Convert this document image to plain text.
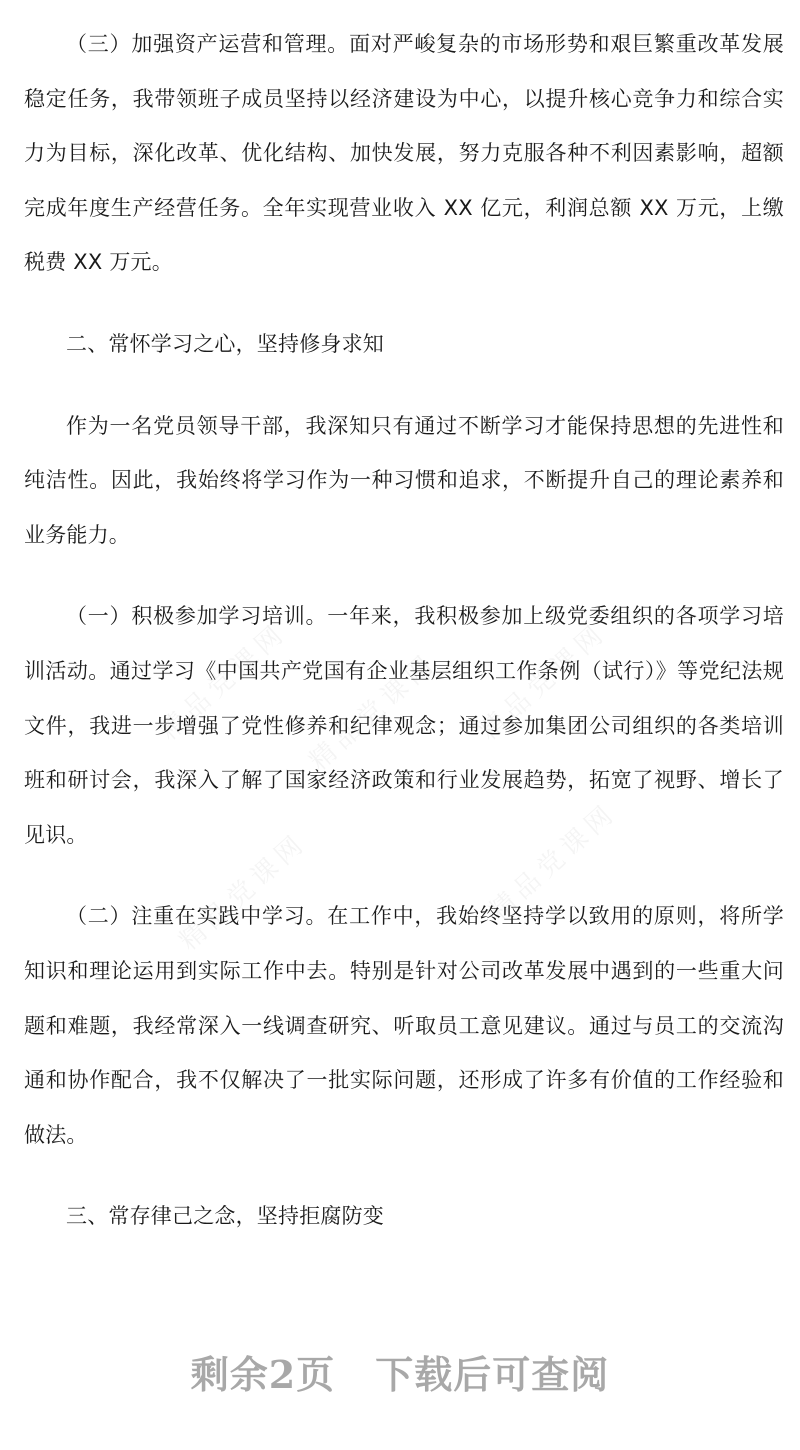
精品党课网	精品党课网
精品党课网	精品党课网
精品党课网

（三）加强资产运营和管理。面对严峻复杂的市场形势和艰巨繁重改革发展稳定任务，我带领班子成员坚持以经济建设为中心，以提升核心竞争力和综合实力为目标，深化改革、优化结构、加快发展，努力克服各种不利因素影响，超额完成年度生产经营任务。全年实现营业收入 XX 亿元，利润总额 XX 万元，上缴税费 XX 万元。

二、常怀学习之心，坚持修身求知

作为一名党员领导干部，我深知只有通过不断学习才能保持思想的先进性和纯洁性。因此，我始终将学习作为一种习惯和追求，不断提升自己的理论素养和业务能力。

（一）积极参加学习培训。一年来，我积极参加上级党委组织的各项学习培训活动。通过学习《中国共产党国有企业基层组织工作条例（试行）》等党纪法规文件，我进一步增强了党性修养和纪律观念；通过参加集团公司组织的各类培训班和研讨会，我深入了解了国家经济政策和行业发展趋势，拓宽了视野、增长了见识。

（二）注重在实践中学习。在工作中，我始终坚持学以致用的原则，将所学知识和理论运用到实际工作中去。特别是针对公司改革发展中遇到的一些重大问题和难题，我经常深入一线调查研究、听取员工意见建议。通过与员工的交流沟通和协作配合，我不仅解决了一批实际问题，还形成了许多有价值的工作经验和做法。

三、常存律己之念，坚持拒腐防变

剩余2页 下载后可查阅
